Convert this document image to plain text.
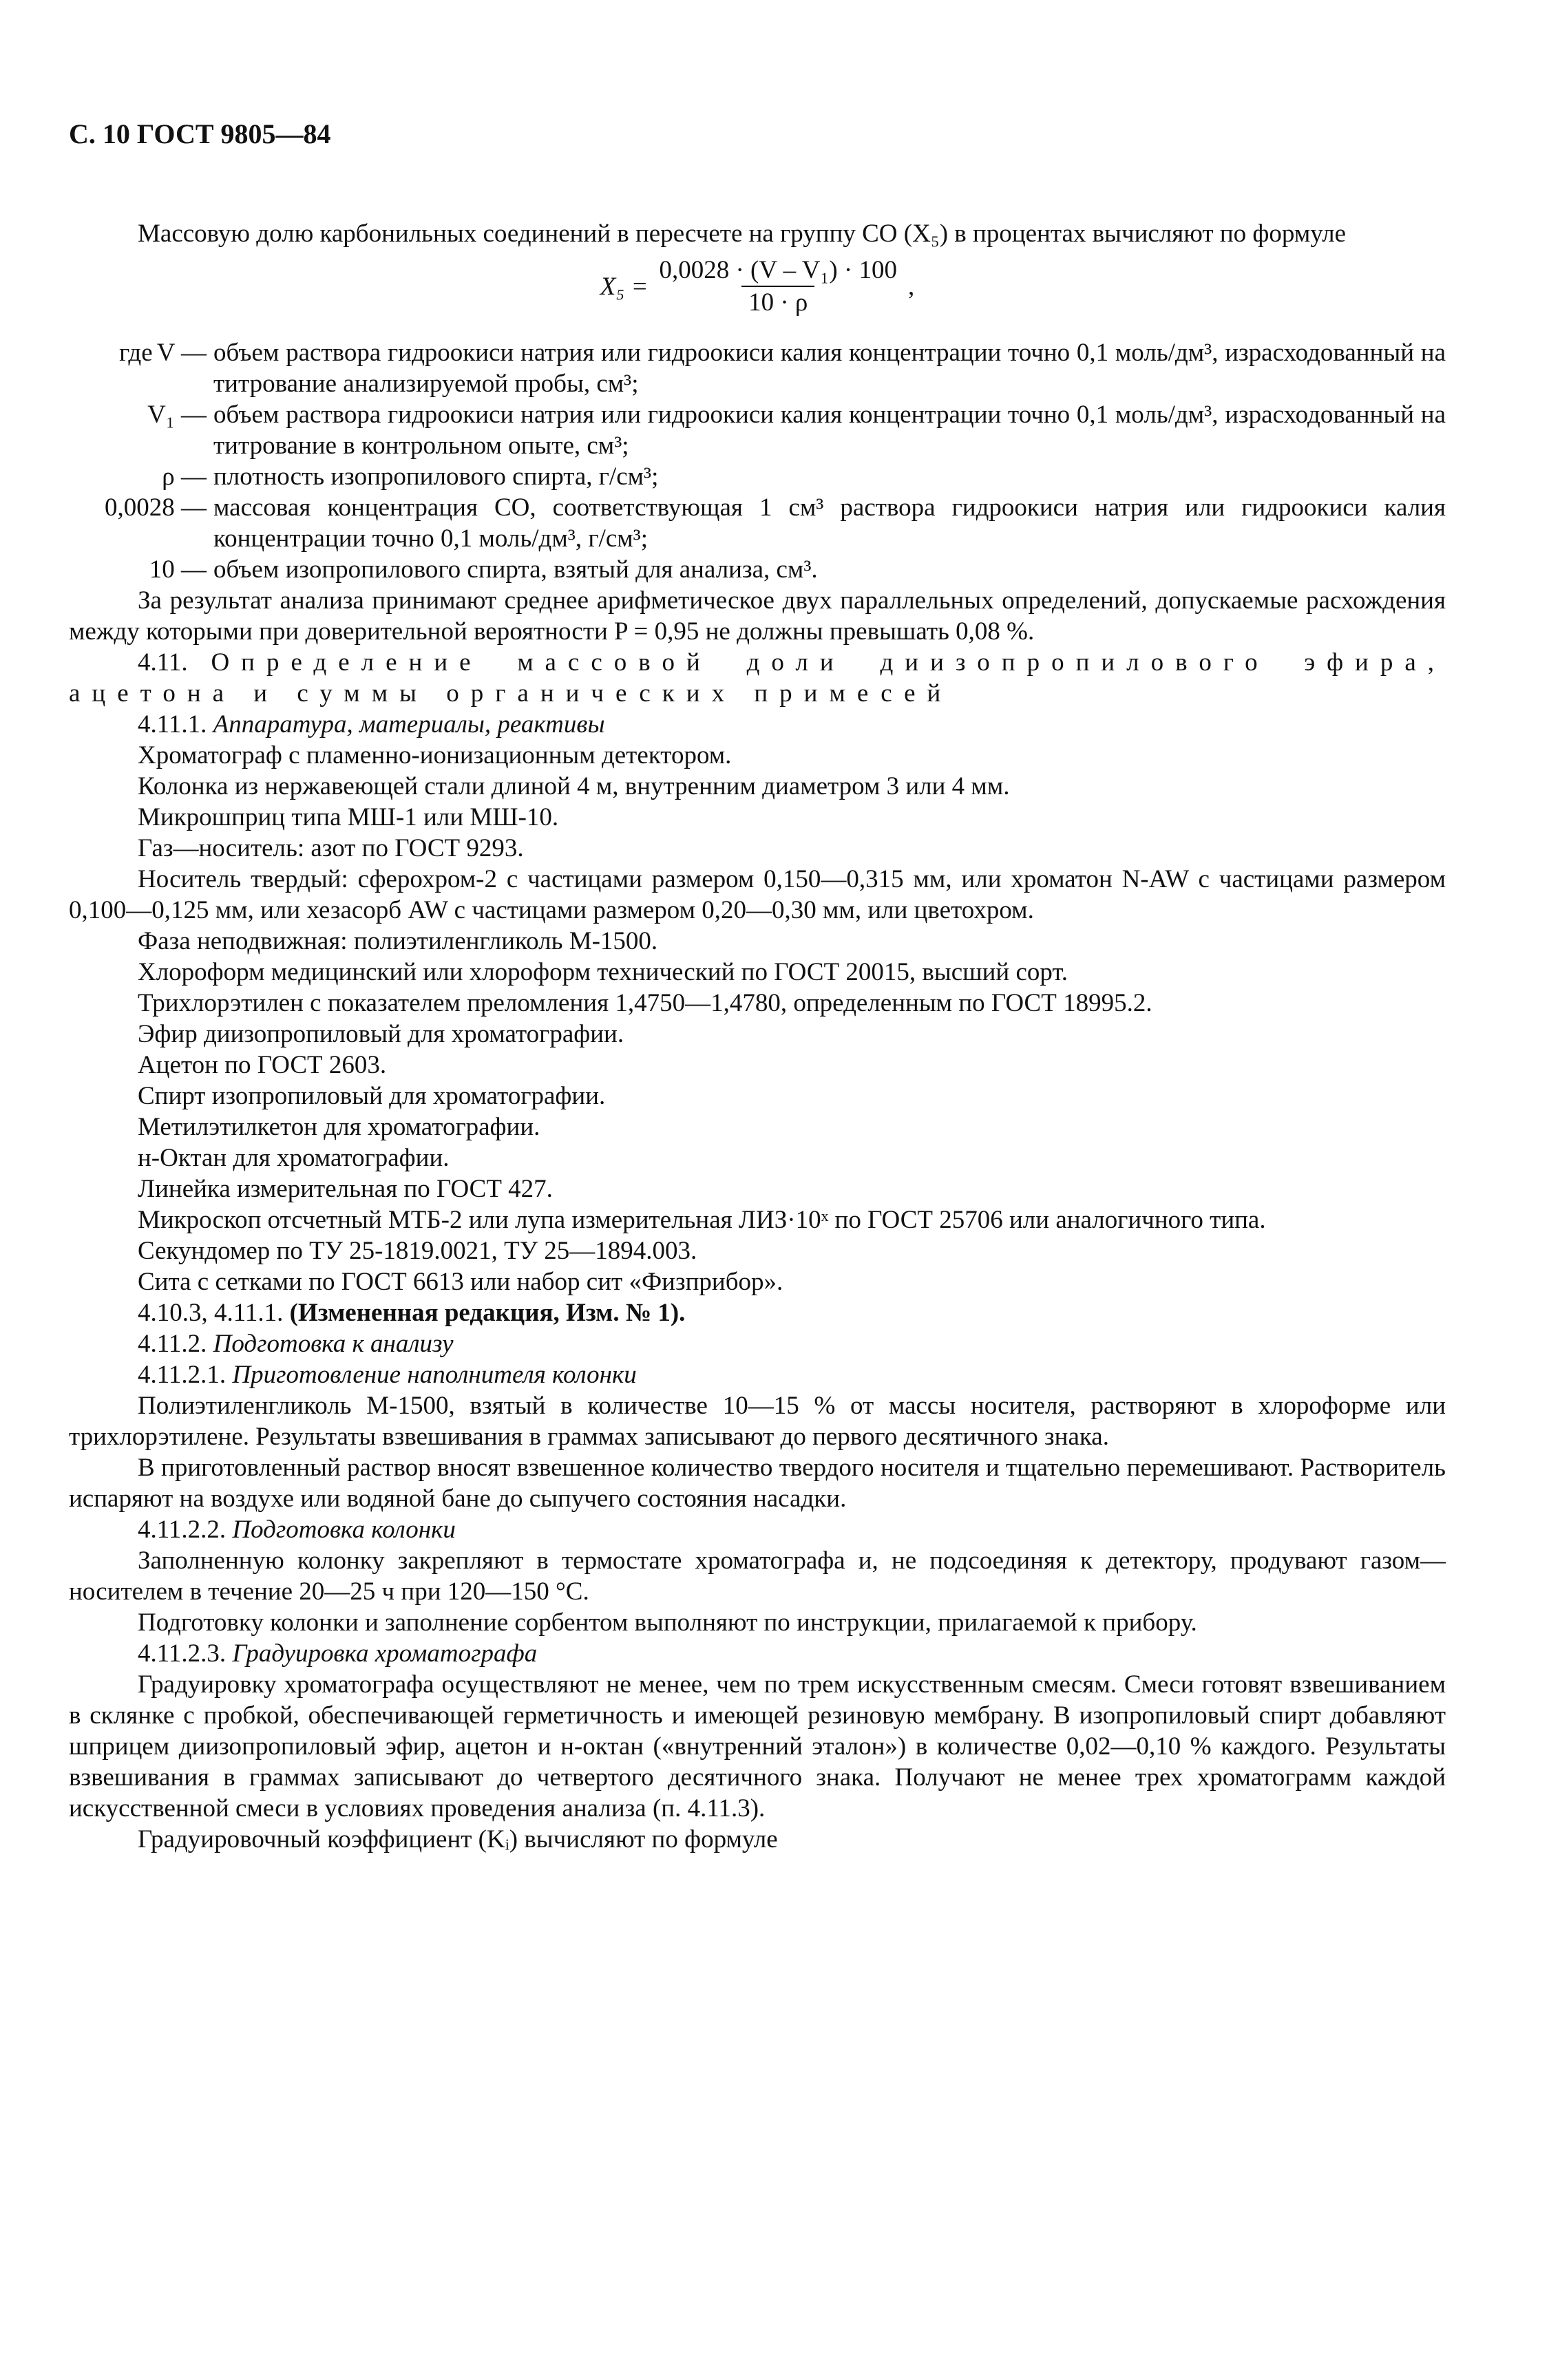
С. 10 ГОСТ 9805—84

Массовую долю карбонильных соединений в пересчете на группу СО (X₅) в процентах вычисляют по формуле

$X_5 = \frac{\text{0,0028 · (V – V₁) · 100}}{10 \cdot \rho}$ ,
где V — объем раствора гидроокиси натрия или гидроокиси калия концентрации точно 0,1 моль/дм³, израсходованный на титрование анализируемой пробы, см³;
V₁ — объем раствора гидроокиси натрия или гидроокиси калия концентрации точно 0,1 моль/дм³, израсходованный на титрование в контрольном опыте, см³;
ρ — плотность изопропилового спирта, г/см³;
0,0028 — массовая концентрация СО, соответствующая 1 см³ раствора гидроокиси натрия или гидроокиси калия концентрации точно 0,1 моль/дм³, г/см³;
10 — объем изопропилового спирта, взятый для анализа, см³.

За результат анализа принимают среднее арифметическое двух параллельных определений, допускаемые расхождения между которыми при доверительной вероятности P = 0,95 не должны превышать 0,08 %.

4.11. Определение массовой доли диизопропилового эфира, ацетона и суммы органических примесей

4.11.1. Аппаратура, материалы, реактивы

Хроматограф с пламенно-ионизационным детектором.

Колонка из нержавеющей стали длиной 4 м, внутренним диаметром 3 или 4 мм.

Микрошприц типа МШ-1 или МШ-10.

Газ—носитель: азот по ГОСТ 9293.

Носитель твердый: сферохром-2 с частицами размером 0,150—0,315 мм, или хроматон N-AW с частицами размером 0,100—0,125 мм, или хезасорб AW с частицами размером 0,20—0,30 мм, или цветохром.

Фаза неподвижная: полиэтиленгликоль М-1500.

Хлороформ медицинский или хлороформ технический по ГОСТ 20015, высший сорт.

Трихлорэтилен с показателем преломления 1,4750—1,4780, определенным по ГОСТ 18995.2.

Эфир диизопропиловый для хроматографии.

Ацетон по ГОСТ 2603.

Спирт изопропиловый для хроматографии.

Метилэтилкетон для хроматографии.

н-Октан для хроматографии.

Линейка измерительная по ГОСТ 427.

Микроскоп отсчетный МТБ-2 или лупа измерительная ЛИЗ·10ˣ по ГОСТ 25706 или аналогичного типа.

Секундомер по ТУ 25-1819.0021, ТУ 25—1894.003.

Сита с сетками по ГОСТ 6613 или набор сит «Физприбор».

4.10.3, 4.11.1. (Измененная редакция, Изм. № 1).

4.11.2. Подготовка к анализу

4.11.2.1. Приготовление наполнителя колонки

Полиэтиленгликоль М-1500, взятый в количестве 10—15 % от массы носителя, растворяют в хлороформе или трихлорэтилене. Результаты взвешивания в граммах записывают до первого десятичного знака.

В приготовленный раствор вносят взвешенное количество твердого носителя и тщательно перемешивают. Растворитель испаряют на воздухе или водяной бане до сыпучего состояния насадки.

4.11.2.2. Подготовка колонки

Заполненную колонку закрепляют в термостате хроматографа и, не подсоединяя к детектору, продувают газом—носителем в течение 20—25 ч при 120—150 °С.

Подготовку колонки и заполнение сорбентом выполняют по инструкции, прилагаемой к прибору.

4.11.2.3. Градуировка хроматографа

Градуировку хроматографа осуществляют не менее, чем по трем искусственным смесям. Смеси готовят взвешиванием в склянке с пробкой, обеспечивающей герметичность и имеющей резиновую мембрану. В изопропиловый спирт добавляют шприцем диизопропиловый эфир, ацетон и н-октан («внутренний эталон») в количестве 0,02—0,10 % каждого. Результаты взвешивания в граммах записывают до четвертого десятичного знака. Получают не менее трех хроматограмм каждой искусственной смеси в условиях проведения анализа (п. 4.11.3).

Градуировочный коэффициент (Kᵢ) вычисляют по формуле
